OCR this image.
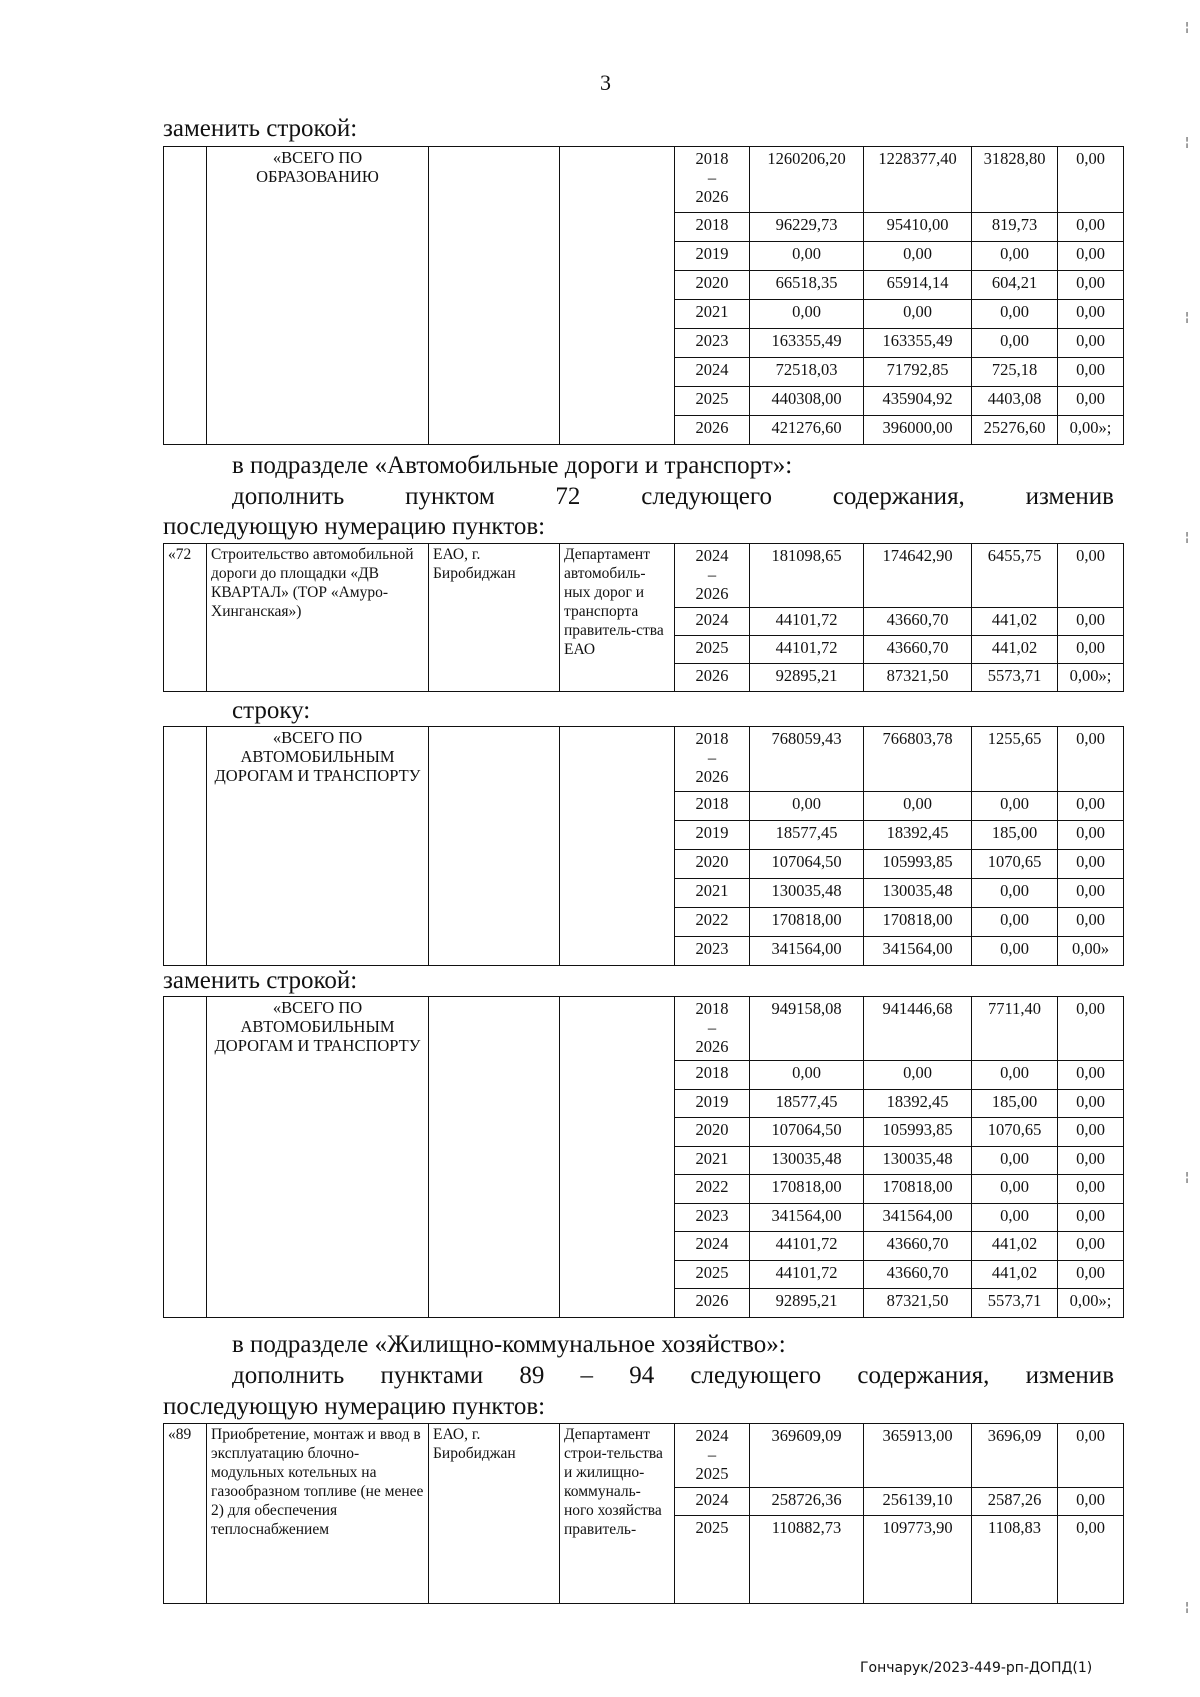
3
заменить строкой:
	«ВСЕГО ПО ОБРАЗОВАНИЮ			2018
–
2026	1260206,20	1228377,40	31828,80	0,00
				2018	96229,73	95410,00	819,73	0,00
				2019	0,00	0,00	0,00	0,00
				2020	66518,35	65914,14	604,21	0,00
				2021	0,00	0,00	0,00	0,00
				2023	163355,49	163355,49	0,00	0,00
				2024	72518,03	71792,85	725,18	0,00
				2025	440308,00	435904,92	4403,08	0,00
				2026	421276,60	396000,00	25276,60	0,00»;
в подразделе «Автомобильные дороги и транспорт»:
дополнить пунктом 72 следующего содержания, изменив
последующую нумерацию пунктов:
«72	Строительство автомобильной дороги до площадки «ДВ КВАРТАЛ» (ТОР «Амуро-Хинганская»)	ЕАО, г. Биробиджан	Департамент автомобиль-ных дорог и транспорта правитель-ства ЕАО	2024
–
2026	181098,65	174642,90	6455,75	0,00
				2024	44101,72	43660,70	441,02	0,00
				2025	44101,72	43660,70	441,02	0,00
				2026	92895,21	87321,50	5573,71	0,00»;
строку:
	«ВСЕГО ПО АВТОМОБИЛЬНЫМ ДОРОГАМ И ТРАНСПОРТУ			2018
–
2026	768059,43	766803,78	1255,65	0,00
				2018	0,00	0,00	0,00	0,00
				2019	18577,45	18392,45	185,00	0,00
				2020	107064,50	105993,85	1070,65	0,00
				2021	130035,48	130035,48	0,00	0,00
				2022	170818,00	170818,00	0,00	0,00
				2023	341564,00	341564,00	0,00	0,00»
заменить строкой:
	«ВСЕГО ПО АВТОМОБИЛЬНЫМ ДОРОГАМ И ТРАНСПОРТУ			2018
–
2026	949158,08	941446,68	7711,40	0,00
				2018	0,00	0,00	0,00	0,00
				2019	18577,45	18392,45	185,00	0,00
				2020	107064,50	105993,85	1070,65	0,00
				2021	130035,48	130035,48	0,00	0,00
				2022	170818,00	170818,00	0,00	0,00
				2023	341564,00	341564,00	0,00	0,00
				2024	44101,72	43660,70	441,02	0,00
				2025	44101,72	43660,70	441,02	0,00
				2026	92895,21	87321,50	5573,71	0,00»;
в подразделе «Жилищно-коммунальное хозяйство»:
дополнить пунктами 89 – 94 следующего содержания, изменив
последующую нумерацию пунктов:
«89	Приобретение, монтаж и ввод в эксплуатацию блочно-модульных котельных на газообразном топливе (не менее 2) для обеспечения теплоснабжением	ЕАО, г. Биробиджан	Департамент строи-тельства и жилищно-коммуналь-ного хозяйства правитель-	2024
–
2025	369609,09	365913,00	3696,09	0,00
				2024	258726,36	256139,10	2587,26	0,00
				2025	110882,73	109773,90	1108,83	0,00
Гончарук/2023-449-рп-ДОПД(1)
¦
¦
¦
¦
¦
¦
